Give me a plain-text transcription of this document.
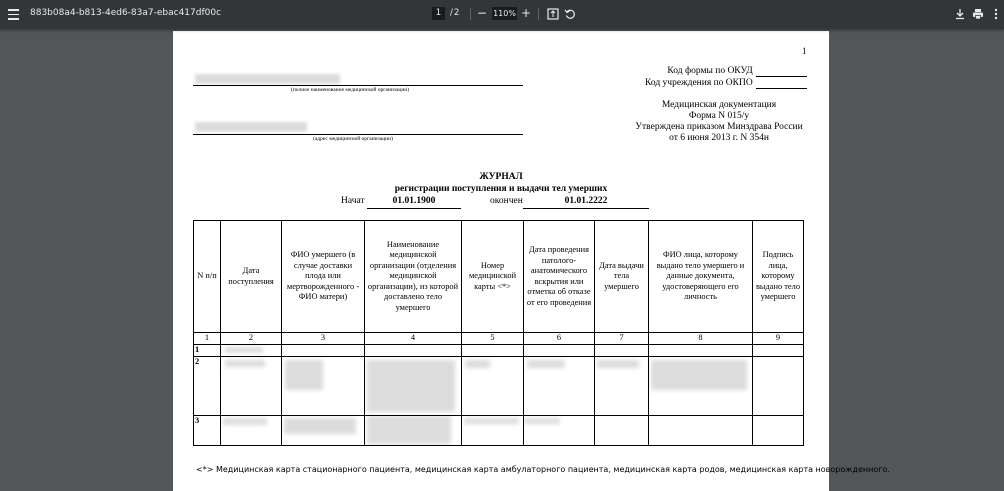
883b08a4-b813-4ed6-83a7-ebac417df00c	1	/ 2 − 110% +
1
(полное наименование медицинской организации)
(адрес медицинской организации)
Код формы по ОКУД
Код учреждения по ОКПО
Медицинская документация
Форма N 015/у
Утверждена приказом Минздрава России
от 6 июня 2013 г. N 354н
ЖУРНАЛ
регистрации поступления и выдачи тел умерших
Начат	01.01.1900	окончен	01.01.2222
N п/п	Дата поступления	ФИО умершего (в случае доставки плода или мертворожденного - ФИО матери)	Наименование медицинской организации (отделения медицинской организации), из которой доставлено тело умершего	Номер медицинской карты <*>	Дата проведения патолого-анатомического вскрытия или отметка об отказе от его проведения	Дата выдачи тела умершего	ФИО лица, которому выдано тело умершего и данные документа, удостоверяющего его личность	Подпись лица, которому выдано тело умершего
1	2	3	4	5	6	7	8	9
1	

2	

3	

<*> Медицинская карта стационарного пациента, медицинская карта амбулаторного пациента, медицинская карта родов, медицинская карта новорожденного.
